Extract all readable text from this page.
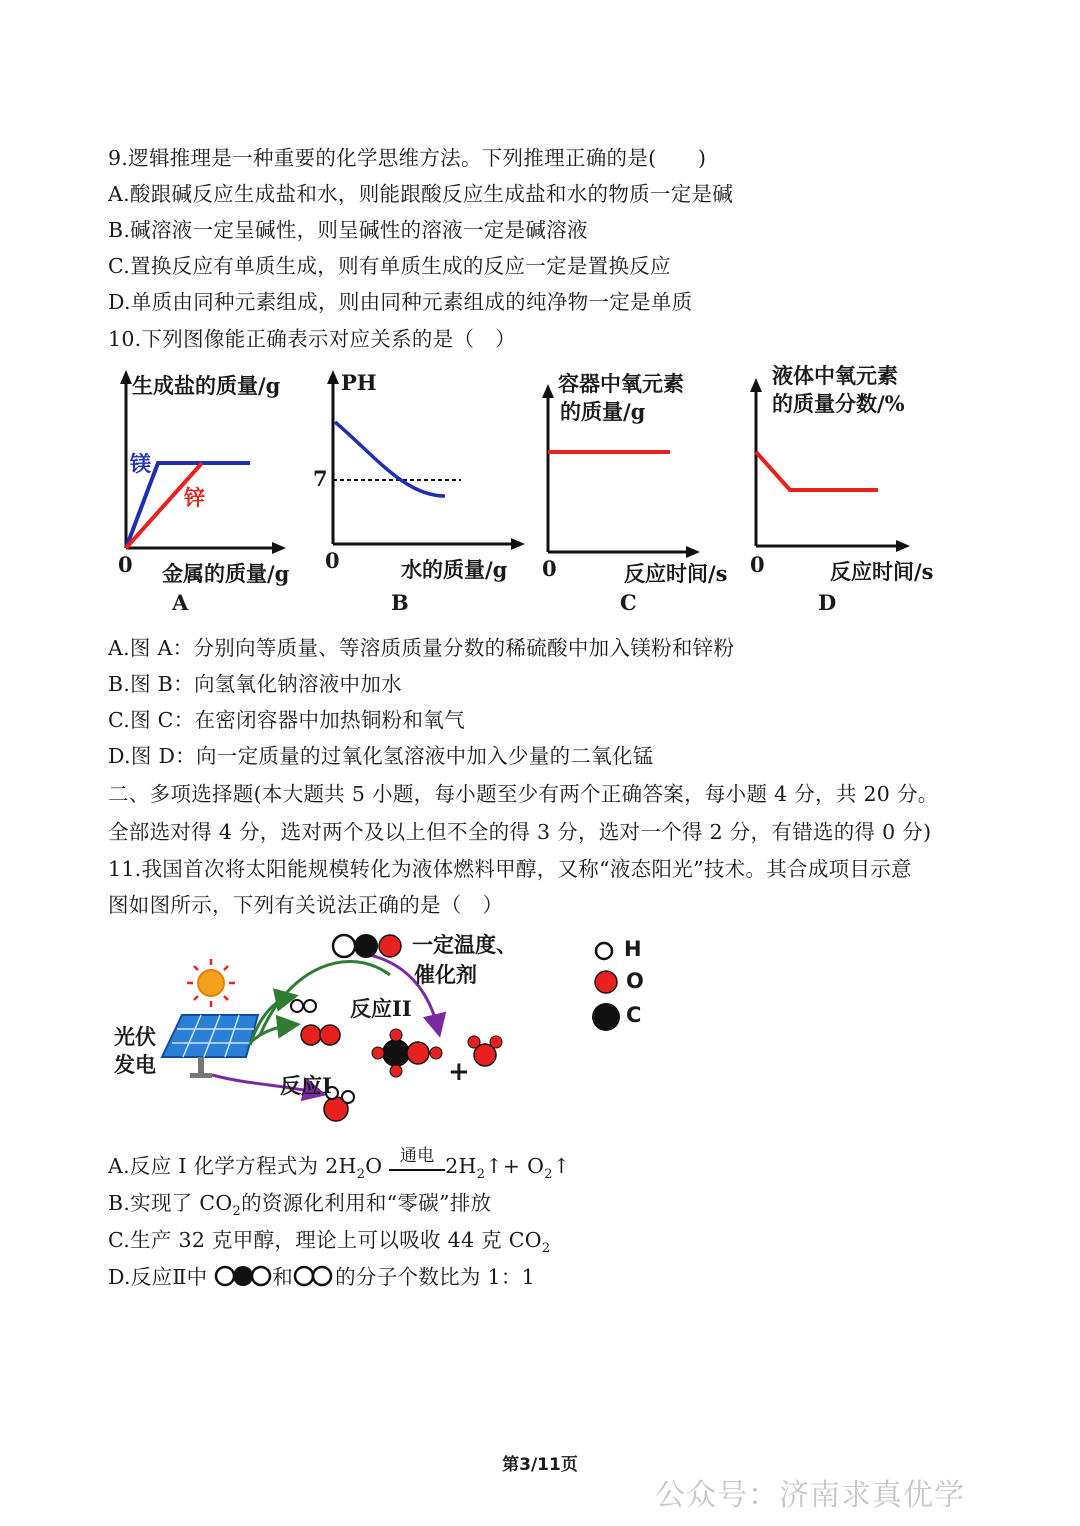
9.逻辑推理是一种重要的化学思维方法。下列推理正确的是(　　)
A.酸跟碱反应生成盐和水，则能跟酸反应生成盐和水的物质一定是碱
B.碱溶液一定呈碱性，则呈碱性的溶液一定是碱溶液
C.置换反应有单质生成，则有单质生成的反应一定是置换反应
D.单质由同种元素组成，则由同种元素组成的纯净物一定是单质
10.下列图像能正确表示对应关系的是（　）
生成盐的质量/g
0 金属的质量/g
A
镁
锌
PH
7
0	水的质量/g
B
容器中氧元素
的质量/g
0	反应时间/s
C
液体中氧元素
的质量分数/%
0	反应时间/s
D
A.图 A：分别向等质量、等溶质质量分数的稀硫酸中加入镁粉和锌粉
B.图 B：向氢氧化钠溶液中加水
C.图 C：在密闭容器中加热铜粉和氧气
D.图 D：向一定质量的过氧化氢溶液中加入少量的二氧化锰
二、多项选择题(本大题共 5 小题，每小题至少有两个正确答案，每小题 4 分，共 20 分。
全部选对得 4 分，选对两个及以上但不全的得 3 分，选对一个得 2 分，有错选的得 0 分)
11.我国首次将太阳能规模转化为液体燃料甲醇，又称“液态阳光”技术。其合成项目示意
图如图所示，下列有关说法正确的是（　）
一定温度、
催化剂
光伏
发电
反应I
反应II
+
H
O
C
A.反应 I 化学方程式为 $2H_2O$ $^{通电}$ $2H_2↑+$ $O_2↑$
B.实现了 $CO_2$的资源化利用和“零碳”排放
C.生产 32 克甲醇，理论上可以吸收 44 克 $CO_2$
D.反应Ⅱ中	和 的分子个数比为 1：1
第3/11页
公众号：济南求真优学
